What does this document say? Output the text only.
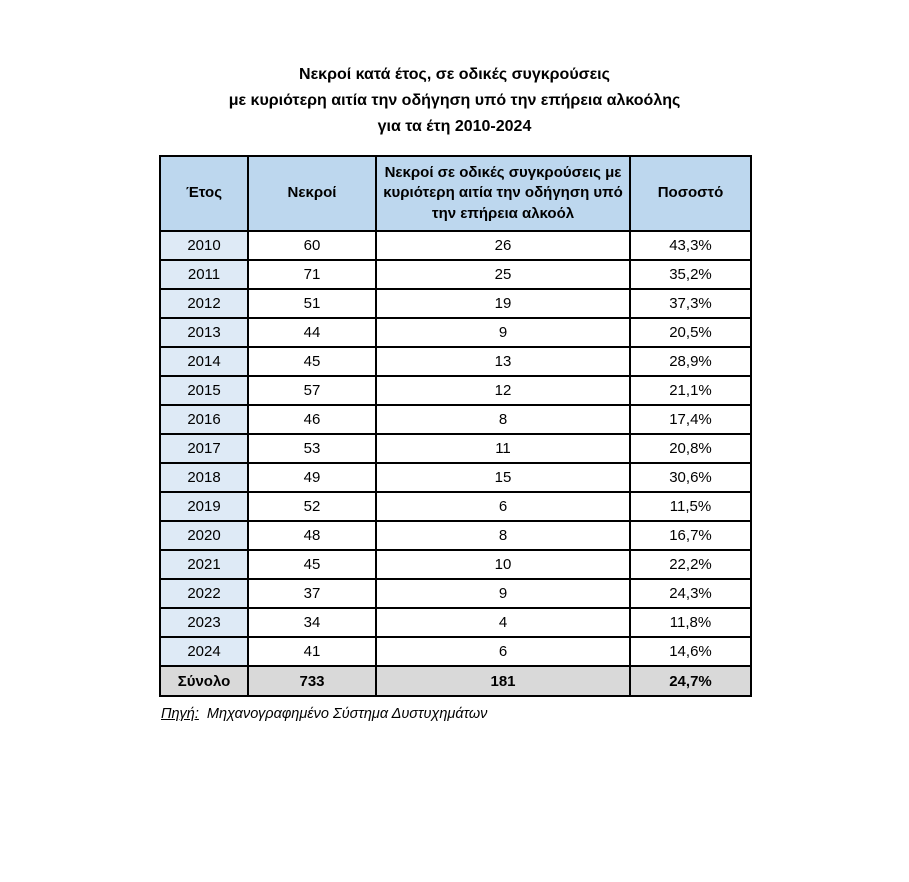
Νεκροί κατά έτος, σε οδικές συγκρούσεις
με κυριότερη αιτία την οδήγηση υπό την επήρεια αλκοόλης
για τα έτη 2010-2024
Έτος	Νεκροί	Νεκροί σε οδικές συγκρούσεις με κυριότερη αιτία την οδήγηση υπό την επήρεια αλκοόλ	Ποσοστό
2010	60	26	43,3%
2011	71	25	35,2%
2012	51	19	37,3%
2013	44	9	20,5%
2014	45	13	28,9%
2015	57	12	21,1%
2016	46	8	17,4%
2017	53	11	20,8%
2018	49	15	30,6%
2019	52	6	11,5%
2020	48	8	16,7%
2021	45	10	22,2%
2022	37	9	24,3%
2023	34	4	11,8%
2024	41	6	14,6%
Σύνολο	733	181	24,7%
Πηγή: Μηχανογραφημένο Σύστημα Δυστυχημάτων
